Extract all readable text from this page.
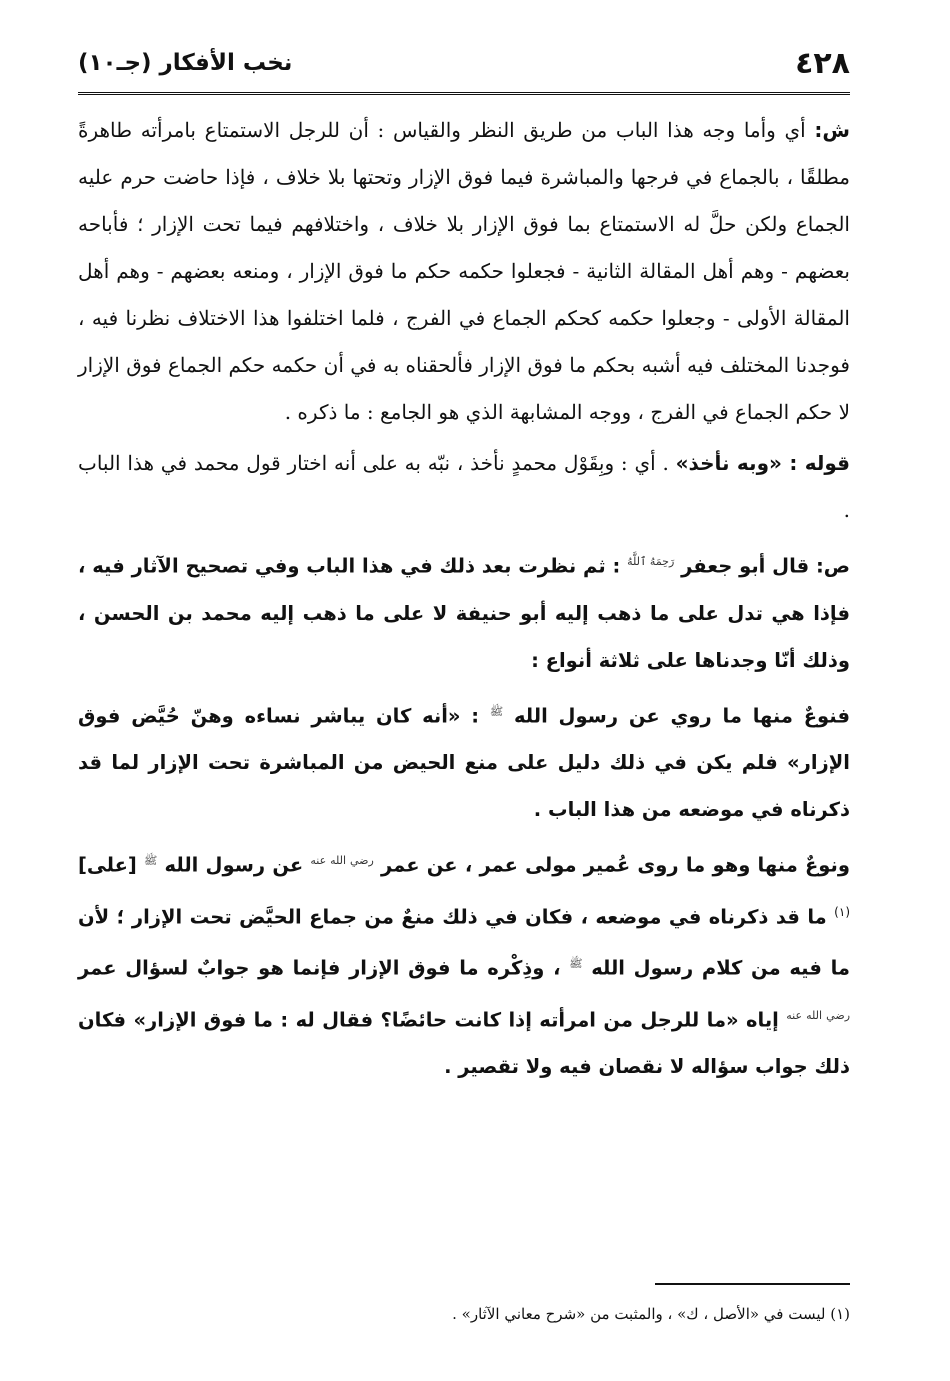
٤٢٨
نخب الأفكار (جـ١٠)

ش: أي وأما وجه هذا الباب من طريق النظر والقياس : أن للرجل الاستمتاع بامرأته طاهرةً مطلقًا ، بالجماع في فرجها والمباشرة فيما فوق الإزار وتحتها بلا خلاف ، فإذا حاضت حرم عليه الجماع ولكن حلَّ له الاستمتاع بما فوق الإزار بلا خلاف ، واختلافهم فيما تحت الإزار ؛ فأباحه بعضهم - وهم أهل المقالة الثانية - فجعلوا حكمه حكم ما فوق الإزار ، ومنعه بعضهم - وهم أهل المقالة الأولى - وجعلوا حكمه كحكم الجماع في الفرج ، فلما اختلفوا هذا الاختلاف نظرنا فيه ، فوجدنا المختلف فيه أشبه بحكم ما فوق الإزار فألحقناه به في أن حكمه حكم الجماع فوق الإزار لا حكم الجماع في الفرج ، ووجه المشابهة الذي هو الجامع : ما ذكره .

قوله : «وبه نأخذ» . أي : وبِقَوْل محمدٍ نأخذ ، نبّه به على أنه اختار قول محمد في هذا الباب .

ص: قال أبو جعفر $^{رَحِمَهُ ٱللَّهُ}$ : ثم نظرت بعد ذلك في هذا الباب وفي تصحيح الآثار فيه ، فإذا هي تدل على ما ذهب إليه أبو حنيفة لا على ما ذهب إليه محمد بن الحسن ، وذلك أنّا وجدناها على ثلاثة أنواع :

فنوعٌ منها ما روي عن رسول الله $^ﷺ$ : «أنه كان يباشر نساءه وهنّ حُيَّض فوق الإزار» فلم يكن في ذلك دليل على منع الحيض من المباشرة تحت الإزار لما قد ذكرناه في موضعه من هذا الباب .

ونوعٌ منها وهو ما روى عُمير مولى عمر ، عن عمر $^{رضي الله عنه}$ عن رسول الله $^ﷺ$ [على]$^{(١)}$ ما قد ذكرناه في موضعه ، فكان في ذلك منعٌ من جماع الحيَّض تحت الإزار ؛ لأن ما فيه من كلام رسول الله $^ﷺ$ ، وذِكْره ما فوق الإزار فإنما هو جوابٌ لسؤال عمر $^{رضي الله عنه}$ إياه «ما للرجل من امرأته إذا كانت حائضًا؟ فقال له : ما فوق الإزار» فكان ذلك جواب سؤاله لا نقصان فيه ولا تقصير .

(١) ليست في «الأصل ، ك» ، والمثبت من «شرح معاني الآثار» .
